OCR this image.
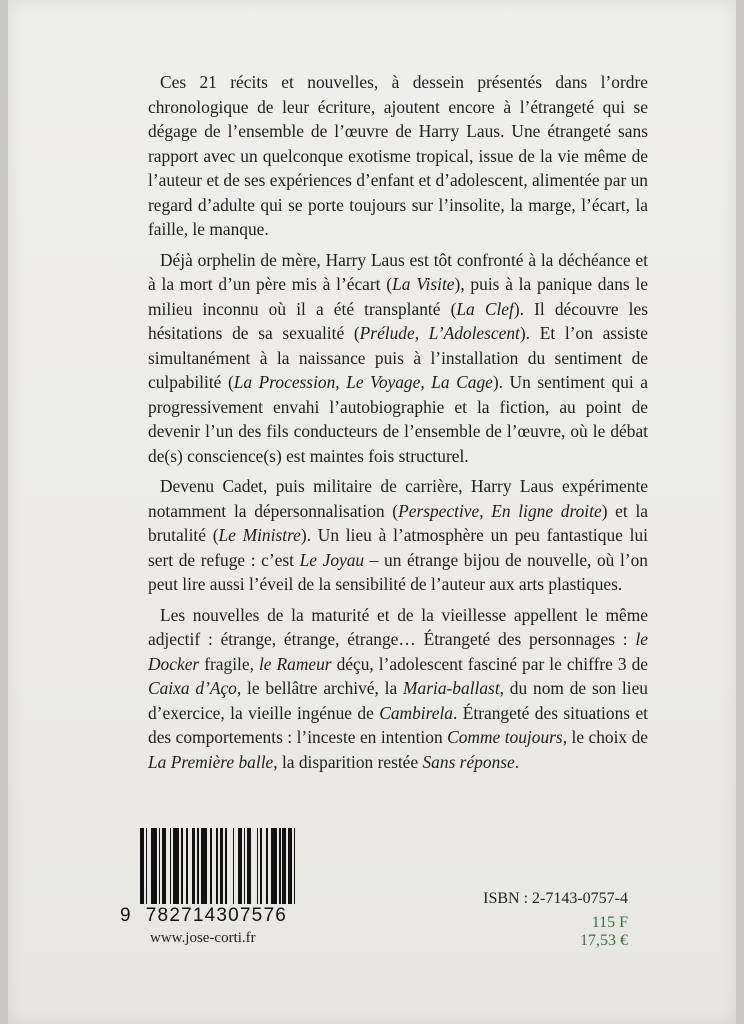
Ces 21 récits et nouvelles, à dessein présentés dans l’ordre chronologique de leur écriture, ajoutent encore à l’étrangeté qui se dégage de l’ensemble de l’œuvre de Harry Laus. Une étrangeté sans rapport avec un quelconque exotisme tropical, issue de la vie même de l’auteur et de ses expériences d’enfant et d’adolescent, alimentée par un regard d’adulte qui se porte toujours sur l’insolite, la marge, l’écart, la faille, le manque.

Déjà orphelin de mère, Harry Laus est tôt confronté à la déchéance et à la mort d’un père mis à l’écart (La Visite), puis à la panique dans le milieu inconnu où il a été transplanté (La Clef). Il découvre les hésitations de sa sexualité (Prélude, L’Adolescent). Et l’on assiste simultanément à la naissance puis à l’installation du sentiment de culpabilité (La Procession, Le Voyage, La Cage). Un sentiment qui a progressivement envahi l’autobiographie et la fiction, au point de devenir l’un des fils conducteurs de l’ensemble de l’œuvre, où le débat de(s) conscience(s) est maintes fois structurel.

Devenu Cadet, puis militaire de carrière, Harry Laus expérimente notamment la dépersonnalisation (Perspective, En ligne droite) et la brutalité (Le Ministre). Un lieu à l’atmosphère un peu fantastique lui sert de refuge : c’est Le Joyau – un étrange bijou de nouvelle, où l’on peut lire aussi l’éveil de la sensibilité de l’auteur aux arts plastiques.

Les nouvelles de la maturité et de la vieillesse appellent le même adjectif : étrange, étrange, étrange… Étrangeté des personnages : le Docker fragile, le Rameur déçu, l’adolescent fasciné par le chiffre 3 de Caixa d’Aço, le bellâtre archivé, la Maria-ballast, du nom de son lieu d’exercice, la vieille ingénue de Cambirela. Étrangeté des situations et des comportements : l’inceste en intention Comme toujours, le choix de La Première balle, la disparition restée Sans réponse.

9 782714307576
www.jose-corti.fr
ISBN : 2-7143-0757-4
115 F
17,53 €
